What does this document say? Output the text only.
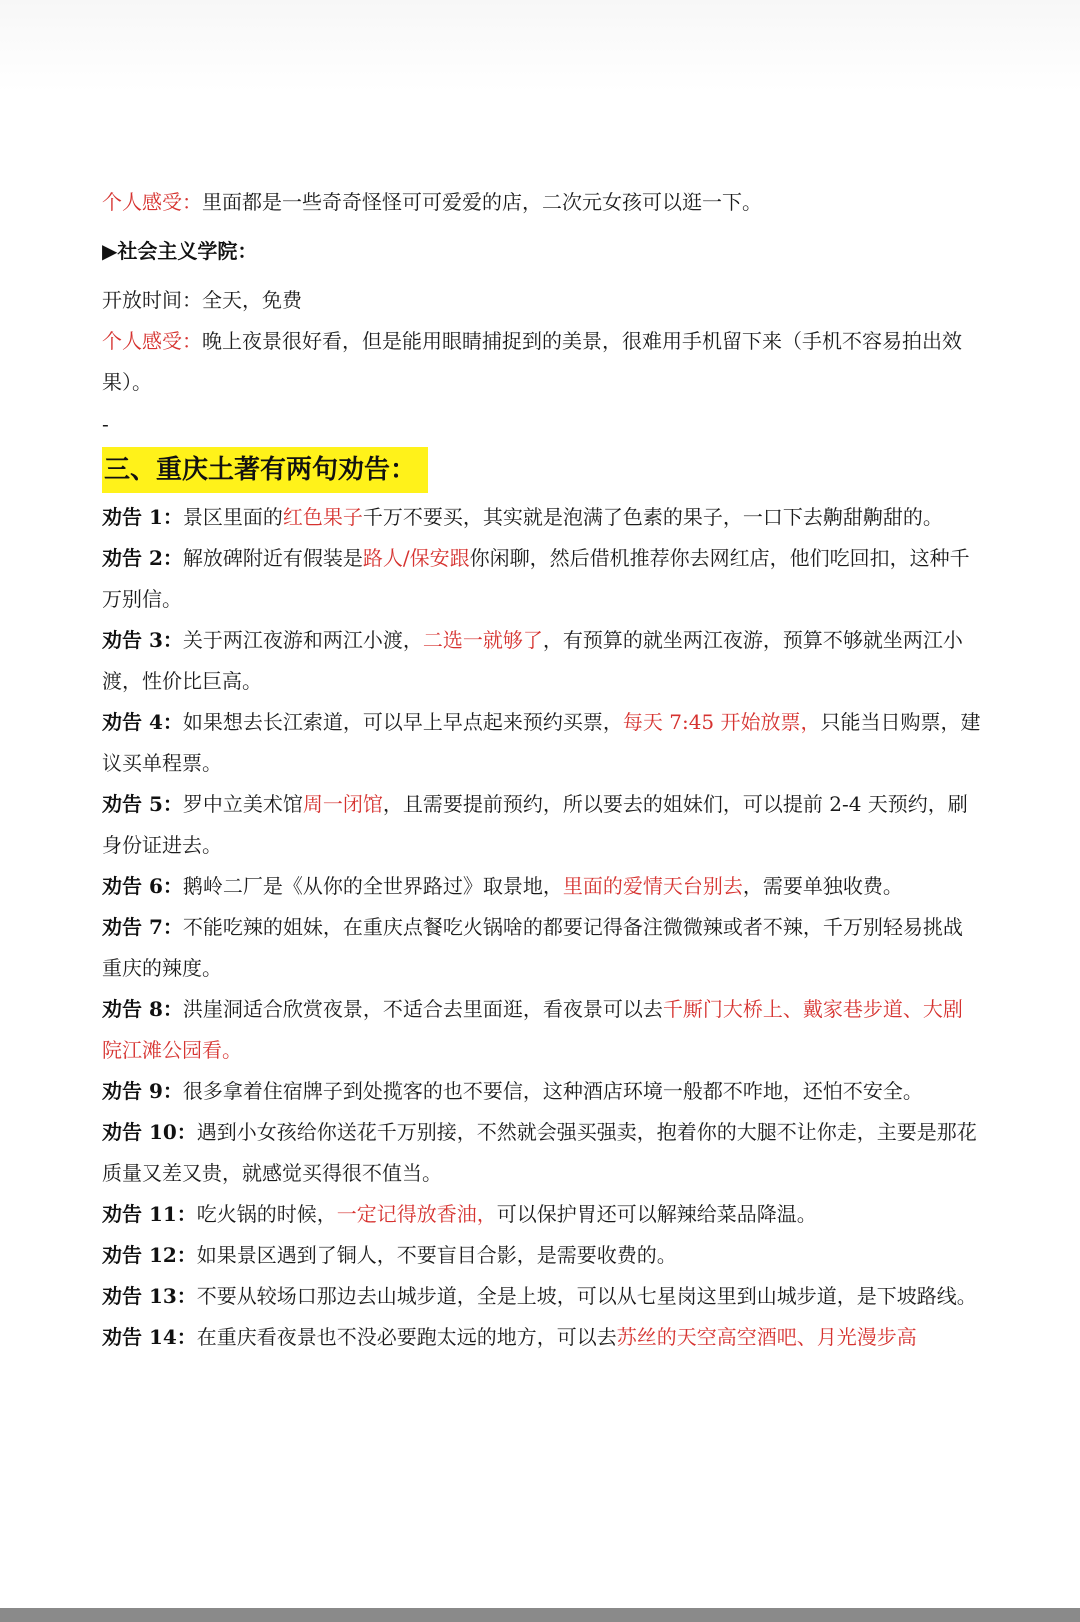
个人感受：里面都是一些奇奇怪怪可可爱爱的店，二次元女孩可以逛一下。

▶社会主义学院：

开放时间：全天，免费

个人感受：晚上夜景很好看，但是能用眼睛捕捉到的美景，很难用手机留下来（手机不容易拍出效果）。

-

三、重庆土著有两句劝告：

劝告 1：景区里面的红色果子千万不要买，其实就是泡满了色素的果子，一口下去齁甜齁甜的。

劝告 2：解放碑附近有假装是路人/保安跟你闲聊，然后借机推荐你去网红店，他们吃回扣，这种千万别信。

劝告 3：关于两江夜游和两江小渡，二选一就够了，有预算的就坐两江夜游，预算不够就坐两江小渡，性价比巨高。

劝告 4：如果想去长江索道，可以早上早点起来预约买票，每天 7:45 开始放票，只能当日购票，建议买单程票。

劝告 5：罗中立美术馆周一闭馆，且需要提前预约，所以要去的姐妹们，可以提前 2-4 天预约，刷身份证进去。

劝告 6：鹅岭二厂是《从你的全世界路过》取景地，里面的爱情天台别去，需要单独收费。

劝告 7：不能吃辣的姐妹，在重庆点餐吃火锅啥的都要记得备注微微辣或者不辣，千万别轻易挑战重庆的辣度。

劝告 8：洪崖洞适合欣赏夜景，不适合去里面逛，看夜景可以去千厮门大桥上、戴家巷步道、大剧院江滩公园看。

劝告 9：很多拿着住宿牌子到处揽客的也不要信，这种酒店环境一般都不咋地，还怕不安全。

劝告 10：遇到小女孩给你送花千万别接，不然就会强买强卖，抱着你的大腿不让你走，主要是那花质量又差又贵，就感觉买得很不值当。

劝告 11：吃火锅的时候，一定记得放香油，可以保护胃还可以解辣给菜品降温。

劝告 12：如果景区遇到了铜人，不要盲目合影，是需要收费的。

劝告 13：不要从较场口那边去山城步道，全是上坡，可以从七星岗这里到山城步道，是下坡路线。

劝告 14：在重庆看夜景也不没必要跑太远的地方，可以去苏丝的天空高空酒吧、月光漫步高
